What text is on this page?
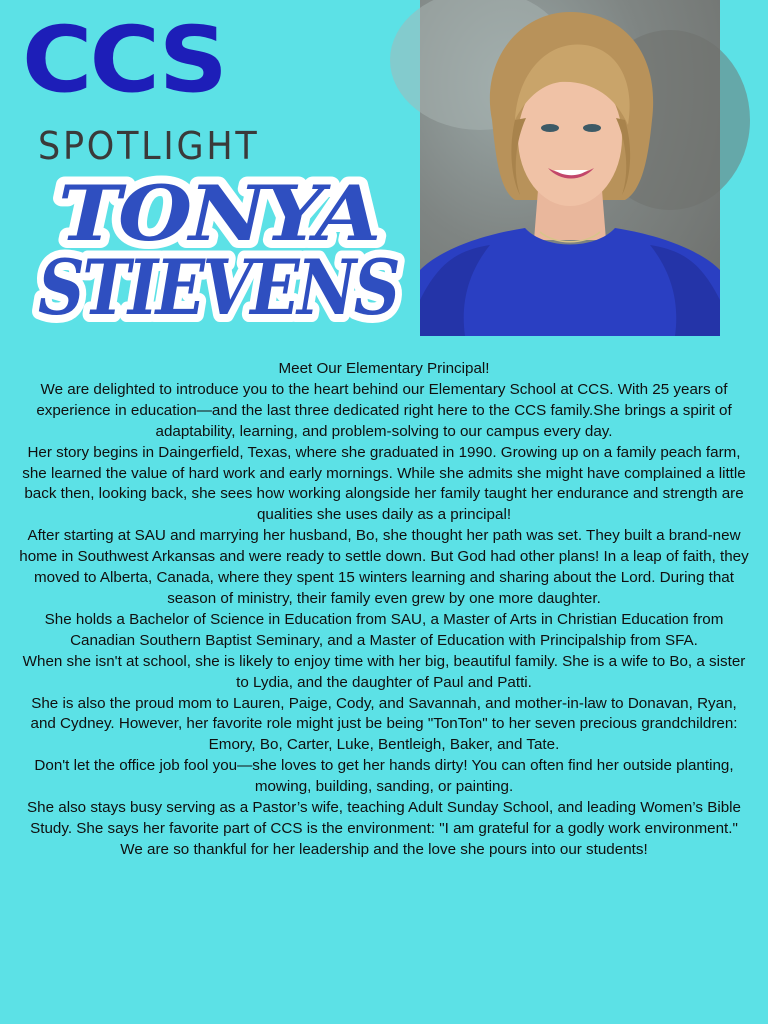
CCS
SPOTLIGHT
TONYA
STIEVENS

Meet Our Elementary Principal!

We are delighted to introduce you to the heart behind our Elementary School at CCS. With 25 years of experience in education—and the last three dedicated right here to the CCS family.She brings a spirit of adaptability, learning, and problem-solving to our campus every day.

Her story begins in Daingerfield, Texas, where she graduated in 1990. Growing up on a family peach farm, she learned the value of hard work and early mornings. While she admits she might have complained a little back then, looking back, she sees how working alongside her family taught her endurance and strength are qualities she uses daily as a principal!

After starting at SAU and marrying her husband, Bo, she thought her path was set. They built a brand-new home in Southwest Arkansas and were ready to settle down. But God had other plans! In a leap of faith, they moved to Alberta, Canada, where they spent 15 winters learning and sharing about the Lord. During that season of ministry, their family even grew by one more daughter.

She holds a Bachelor of Science in Education from SAU, a Master of Arts in Christian Education from Canadian Southern Baptist Seminary, and a Master of Education with Principalship from SFA.

When she isn't at school, she is likely to enjoy time with her big, beautiful family. She is a wife to Bo, a sister to Lydia, and the daughter of Paul and Patti.

She is also the proud mom to Lauren, Paige, Cody, and Savannah, and mother-in-law to Donavan, Ryan, and Cydney. However, her favorite role might just be being "TonTon" to her seven precious grandchildren: Emory, Bo, Carter, Luke, Bentleigh, Baker, and Tate.

Don't let the office job fool you—she loves to get her hands dirty! You can often find her outside planting, mowing, building, sanding, or painting.

She also stays busy serving as a Pastor’s wife, teaching Adult Sunday School, and leading Women’s Bible Study. She says her favorite part of CCS is the environment: "I am grateful for a godly work environment."

We are so thankful for her leadership and the love she pours into our students!
